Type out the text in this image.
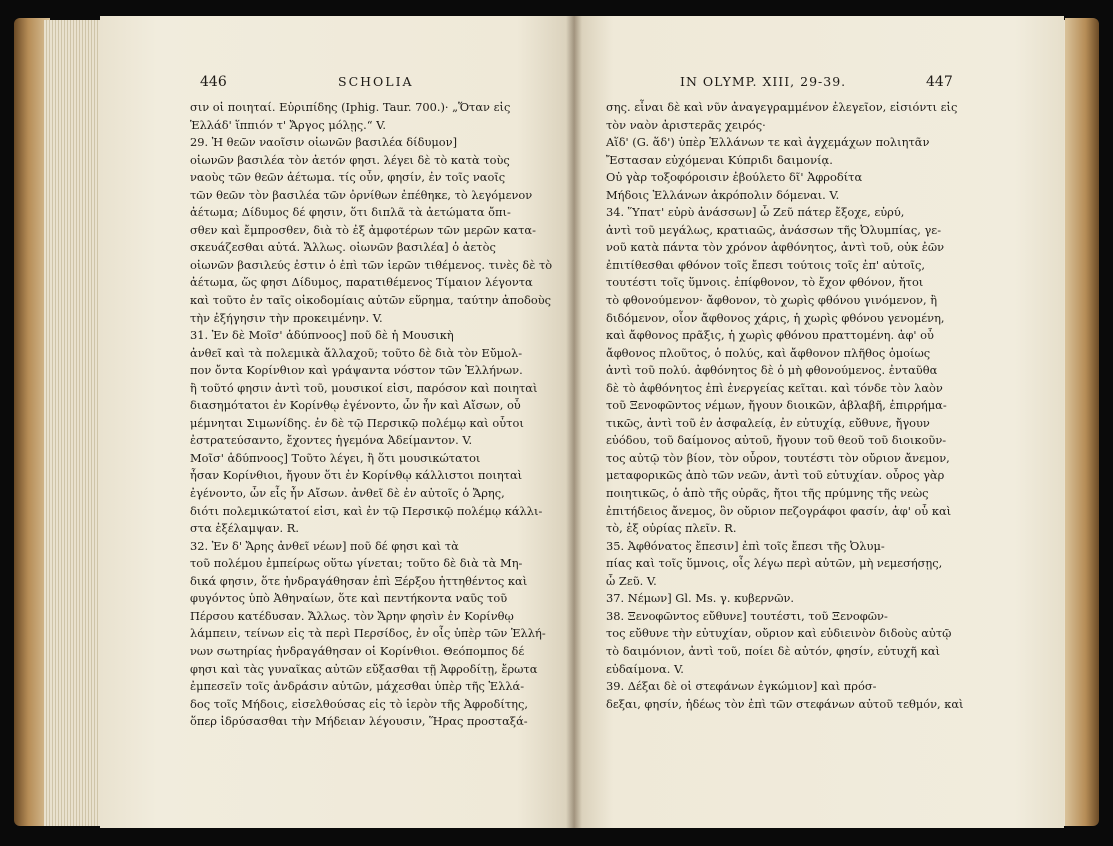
446	SCHOLIA
σιν οἱ ποιηταί. Εὐριπίδης (Iphig. Taur. 700.)· „Ὅταν εἰς
Ἑλλάδ' ἵππιόν τ' Ἄργος μόλῃς.“ V.
29. Ἡ θεῶν ναοῖσιν οἰωνῶν βασιλέα δίδυμον]
οἰωνῶν βασιλέα τὸν ἀετόν φησι. λέγει δὲ τὸ κατὰ τοὺς
ναοὺς τῶν θεῶν ἀέτωμα. τίς οὖν, φησίν, ἐν τοῖς ναοῖς
τῶν θεῶν τὸν βασιλέα τῶν ὀρνίθων ἐπέθηκε, τὸ λεγόμενον
ἀέτωμα; Δίδυμος δέ φησιν, ὅτι διπλᾶ τὰ ἀετώματα ὄπι-
σθεν καὶ ἔμπροσθεν, διὰ τὸ ἐξ ἀμφοτέρων τῶν μερῶν κατα-
σκευάζεσθαι αὐτά. Ἄλλως. οἰωνῶν βασιλέα] ὁ ἀετὸς
οἰωνῶν βασιλεύς ἐστιν ὁ ἐπὶ τῶν ἱερῶν τιθέμενος. τινὲς δὲ τὸ
ἀέτωμα, ὥς φησι Δίδυμος, παρατιθέμενος Τίμαιον λέγοντα
καὶ τοῦτο ἐν ταῖς οἰκοδομίαις αὐτῶν εὕρημα, ταύτην ἀποδοὺς
τὴν ἐξήγησιν τὴν προκειμένην. V.
31. Ἐν δὲ Μοῖσ' ἁδύπνοος] ποῦ δὲ ἡ Μουσικὴ
ἀνθεῖ καὶ τὰ πολεμικὰ ἄλλαχοῦ; τοῦτο δὲ διὰ τὸν Εὔμολ-
πον ὄντα Κορίνθιον καὶ γράψαντα νόστον τῶν Ἑλλήνων.
ἢ τοῦτό φησιν ἀντὶ τοῦ, μουσικοί εἰσι, παρόσον καὶ ποιηταὶ
διασημότατοι ἐν Κορίνθῳ ἐγένοντο, ὧν ἦν καὶ Αἴσων, οὗ
μέμνηται Σιμωνίδης. ἐν δὲ τῷ Περσικῷ πολέμῳ καὶ οὗτοι
ἐστρατεύσαντο, ἔχοντες ἡγεμόνα Ἀδείμαντον. V.
Μοῖσ' ἁδύπνοος] Τοῦτο λέγει, ἢ ὅτι μουσικώτατοι
ἦσαν Κορίνθιοι, ἤγουν ὅτι ἐν Κορίνθῳ κάλλιστοι ποιηταὶ
ἐγένοντο, ὧν εἷς ἦν Αἴσων. ἀνθεῖ δὲ ἐν αὐτοῖς ὁ Ἄρης,
διότι πολεμικώτατοί εἰσι, καὶ ἐν τῷ Περσικῷ πολέμῳ κάλλι-
στα ἐξέλαμψαν. R.
32. Ἐν δ' Ἄρης ἀνθεῖ νέων] ποῦ δέ φησι καὶ τὰ
τοῦ πολέμου ἐμπείρως οὕτω γίνεται; τοῦτο δὲ διὰ τὰ Μη-
δικά φησιν, ὅτε ἠνδραγάθησαν ἐπὶ Ξέρξου ἡττηθέντος καὶ
φυγόντος ὑπὸ Ἀθηναίων, ὅτε καὶ πεντήκοντα ναῦς τοῦ
Πέρσου κατέδυσαν. Ἄλλως. τὸν Ἄρην φησὶν ἐν Κορίνθῳ
λάμπειν, τείνων εἰς τὰ περὶ Περσίδος, ἐν οἷς ὑπὲρ τῶν Ἑλλή-
νων σωτηρίας ἠνδραγάθησαν οἱ Κορίνθιοι. Θεόπομπος δέ
φησι καὶ τὰς γυναῖκας αὐτῶν εὔξασθαι τῇ Ἀφροδίτῃ, ἔρωτα
ἐμπεσεῖν τοῖς ἀνδράσιν αὐτῶν, μάχεσθαι ὑπὲρ τῆς Ἑλλά-
δος τοῖς Μήδοις, εἰσελθούσας εἰς τὸ ἱερὸν τῆς Ἀφροδίτης,
ὅπερ ἱδρύσασθαι τὴν Μήδειαν λέγουσιν, Ἥρας προσταξά-
IN OLYMP. XIII, 29-39.	447
σης. εἶναι δὲ καὶ νῦν ἀναγεγραμμένον ἐλεγεῖον, εἰσιόντι εἰς
τὸν ναὸν ἀριστερᾶς χειρός·
Αἵδ' (G. ἅδ') ὑπὲρ Ἑλλάνων τε καὶ ἀγχεμάχων πολιητᾶν
Ἔστασαν εὐχόμεναι Κύπριδι δαιμονίᾳ.
Οὐ γὰρ τοξοφόροισιν ἐβούλετο δῖ' Ἀφροδίτα
Μήδοις Ἑλλάνων ἀκρόπολιν δόμεναι. V.
34. Ὕπατ' εὐρὺ ἀνάσσων] ὦ Ζεῦ πάτερ ἔξοχε, εὐρύ,
ἀντὶ τοῦ μεγάλως, κρατιαῶς, ἀνάσσων τῆς Ὀλυμπίας, γε-
νοῦ κατὰ πάντα τὸν χρόνον ἀφθόνητος, ἀντὶ τοῦ, οὐκ ἐῶν
ἐπιτίθεσθαι φθόνον τοῖς ἔπεσι τούτοις τοῖς ἐπ' αὐτοῖς,
τουτέστι τοῖς ὕμνοις. ἐπίφθονον, τὸ ἔχον φθόνον, ἤτοι
τὸ φθονούμενον· ἄφθονον, τὸ χωρὶς φθόνου γινόμενον, ἢ
διδόμενον, οἷον ἄφθονος χάρις, ἡ χωρὶς φθόνου γενομένη,
καὶ ἄφθονος πρᾶξις, ἡ χωρὶς φθόνου πραττομένη. ἀφ' οὗ
ἄφθονος πλοῦτος, ὁ πολύς, καὶ ἄφθονον πλῆθος ὁμοίως
ἀντὶ τοῦ πολύ. ἀφθόνητος δὲ ὁ μὴ φθονούμενος. ἐνταῦθα
δὲ τὸ ἀφθόνητος ἐπὶ ἐνεργείας κεῖται. καὶ τόνδε τὸν λαὸν
τοῦ Ξενοφῶντος νέμων, ἤγουν διοικῶν, ἀβλαβῆ, ἐπιρρήμα-
τικῶς, ἀντὶ τοῦ ἐν ἀσφαλείᾳ, ἐν εὐτυχίᾳ, εὔθυνε, ἤγουν
εὐόδου, τοῦ δαίμονος αὐτοῦ, ἤγουν τοῦ θεοῦ τοῦ διοικοῦν-
τος αὐτῷ τὸν βίον, τὸν οὖρον, τουτέστι τὸν οὔριον ἄνεμον,
μεταφορικῶς ἀπὸ τῶν νεῶν, ἀντὶ τοῦ εὐτυχίαν. οὖρος γὰρ
ποιητικῶς, ὁ ἀπὸ τῆς οὐρᾶς, ἤτοι τῆς πρύμνης τῆς νεὼς
ἐπιτήδειος ἄνεμος, ὃν οὔριον πεζογράφοι φασίν, ἀφ' οὗ καὶ
τὸ, ἐξ οὐρίας πλεῖν. R.
35. Ἀφθόνατος ἔπεσιν] ἐπὶ τοῖς ἔπεσι τῆς Ὀλυμ-
πίας καὶ τοῖς ὕμνοις, οἷς λέγω περὶ αὐτῶν, μὴ νεμεσήσῃς,
ὦ Ζεῦ. V.
37. Νέμων] Gl. Ms. γ. κυβερνῶν.
38. Ξενοφῶντος εὔθυνε] τουτέστι, τοῦ Ξενοφῶν-
τος εὔθυνε τὴν εὐτυχίαν, οὔριον καὶ εὐδιεινὸν διδοὺς αὐτῷ
τὸ δαιμόνιον, ἀντὶ τοῦ, ποίει δὲ αὐτόν, φησίν, εὐτυχῆ καὶ
εὐδαίμονα. V.
39. Δέξαι δὲ οἱ στεφάνων ἐγκώμιον] καὶ πρόσ-
δεξαι, φησίν, ἡδέως τὸν ἐπὶ τῶν στεφάνων αὐτοῦ τεθμόν, καὶ
